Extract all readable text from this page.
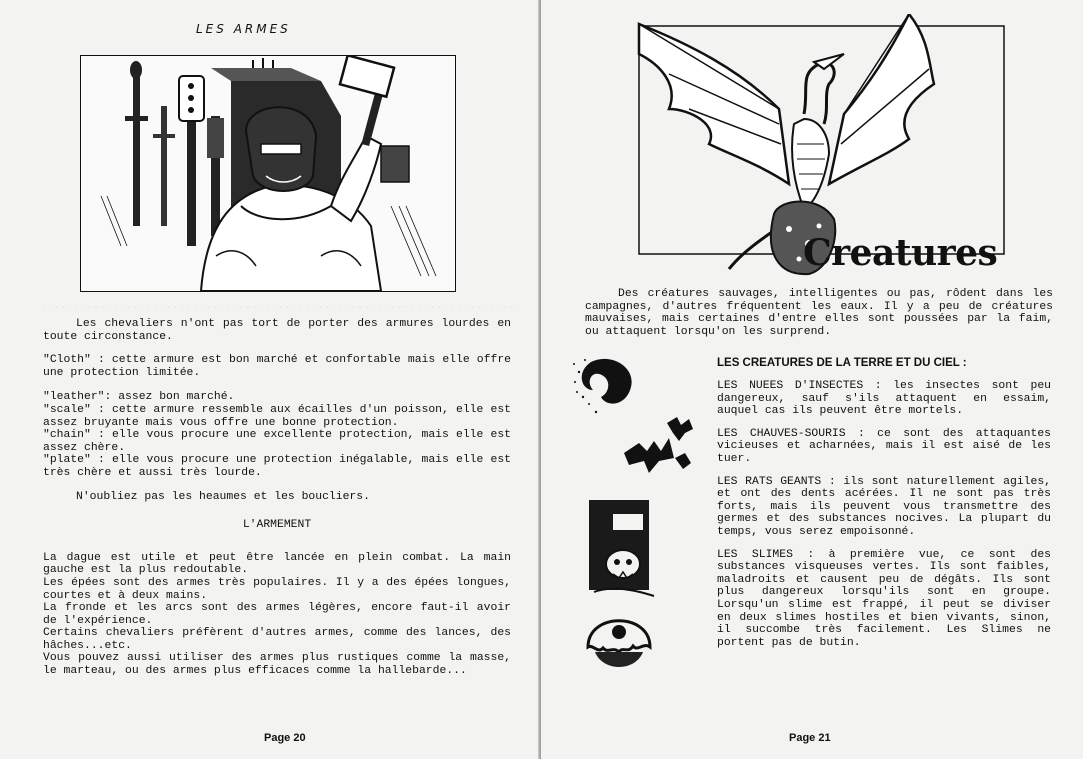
........................................................................
LES ARMES

Les chevaliers n'ont pas tort de porter des armures lourdes en toute circonstance.

"Cloth" : cette armure est bon marché et confortable mais elle offre une protection limitée.

"leather": assez bon marché.

"scale" : cette armure ressemble aux écailles d'un poisson, elle est assez bruyante mais vous offre une bonne protection.

"chain" : elle vous procure une excellente protection, mais elle est assez chère.

"plate" : elle vous procure une protection inégalable, mais elle est très chère et aussi très lourde.

N'oubliez pas les heaumes et les boucliers.

L'ARMEMENT

La dague est utile et peut être lancée en plein combat. La main gauche est la plus redoutable.

Les épées sont des armes très populaires. Il y a des épées longues, courtes et à deux mains.

La fronde et les arcs sont des armes légères, encore faut-il avoir de l'expérience.

Certains chevaliers préfèrent d'autres armes, comme des lances, des hâches...etc.

Vous pouvez aussi utiliser des armes plus rustiques comme la masse, le marteau, ou des armes plus efficaces comme la hallebarde...

Page 20
Creatures

Des créatures sauvages, intelligentes ou pas, rôdent dans les campagnes, d'autres fréquentent les eaux. Il y a peu de créatures mauvaises, mais certaines d'entre elles sont poussées par la faim, ou attaquent lorsqu'on les surprend.

LES CREATURES DE LA TERRE ET DU CIEL :

LES NUEES D'INSECTES : les insectes sont peu dangereux, sauf s'ils attaquent en essaim, auquel cas ils peuvent être mortels.

LES CHAUVES-SOURIS : ce sont des attaquantes vicieuses et acharnées, mais il est aisé de les tuer.

LES RATS GEANTS : ils sont naturellement agiles, et ont des dents acérées. Il ne sont pas très forts, mais ils peuvent vous transmettre des germes et des substances nocives. La plupart du temps, vous serez empoisonné.

LES SLIMES : à première vue, ce sont des substances visqueuses vertes. Ils sont faibles, maladroits et causent peu de dégâts. Ils sont plus dangereux lorsqu'ils sont en groupe. Lorsqu'un slime est frappé, il peut se diviser en deux slimes hostiles et bien vivants, sinon, il succombe très facilement. Les Slimes ne portent pas de butin.

Page 21
